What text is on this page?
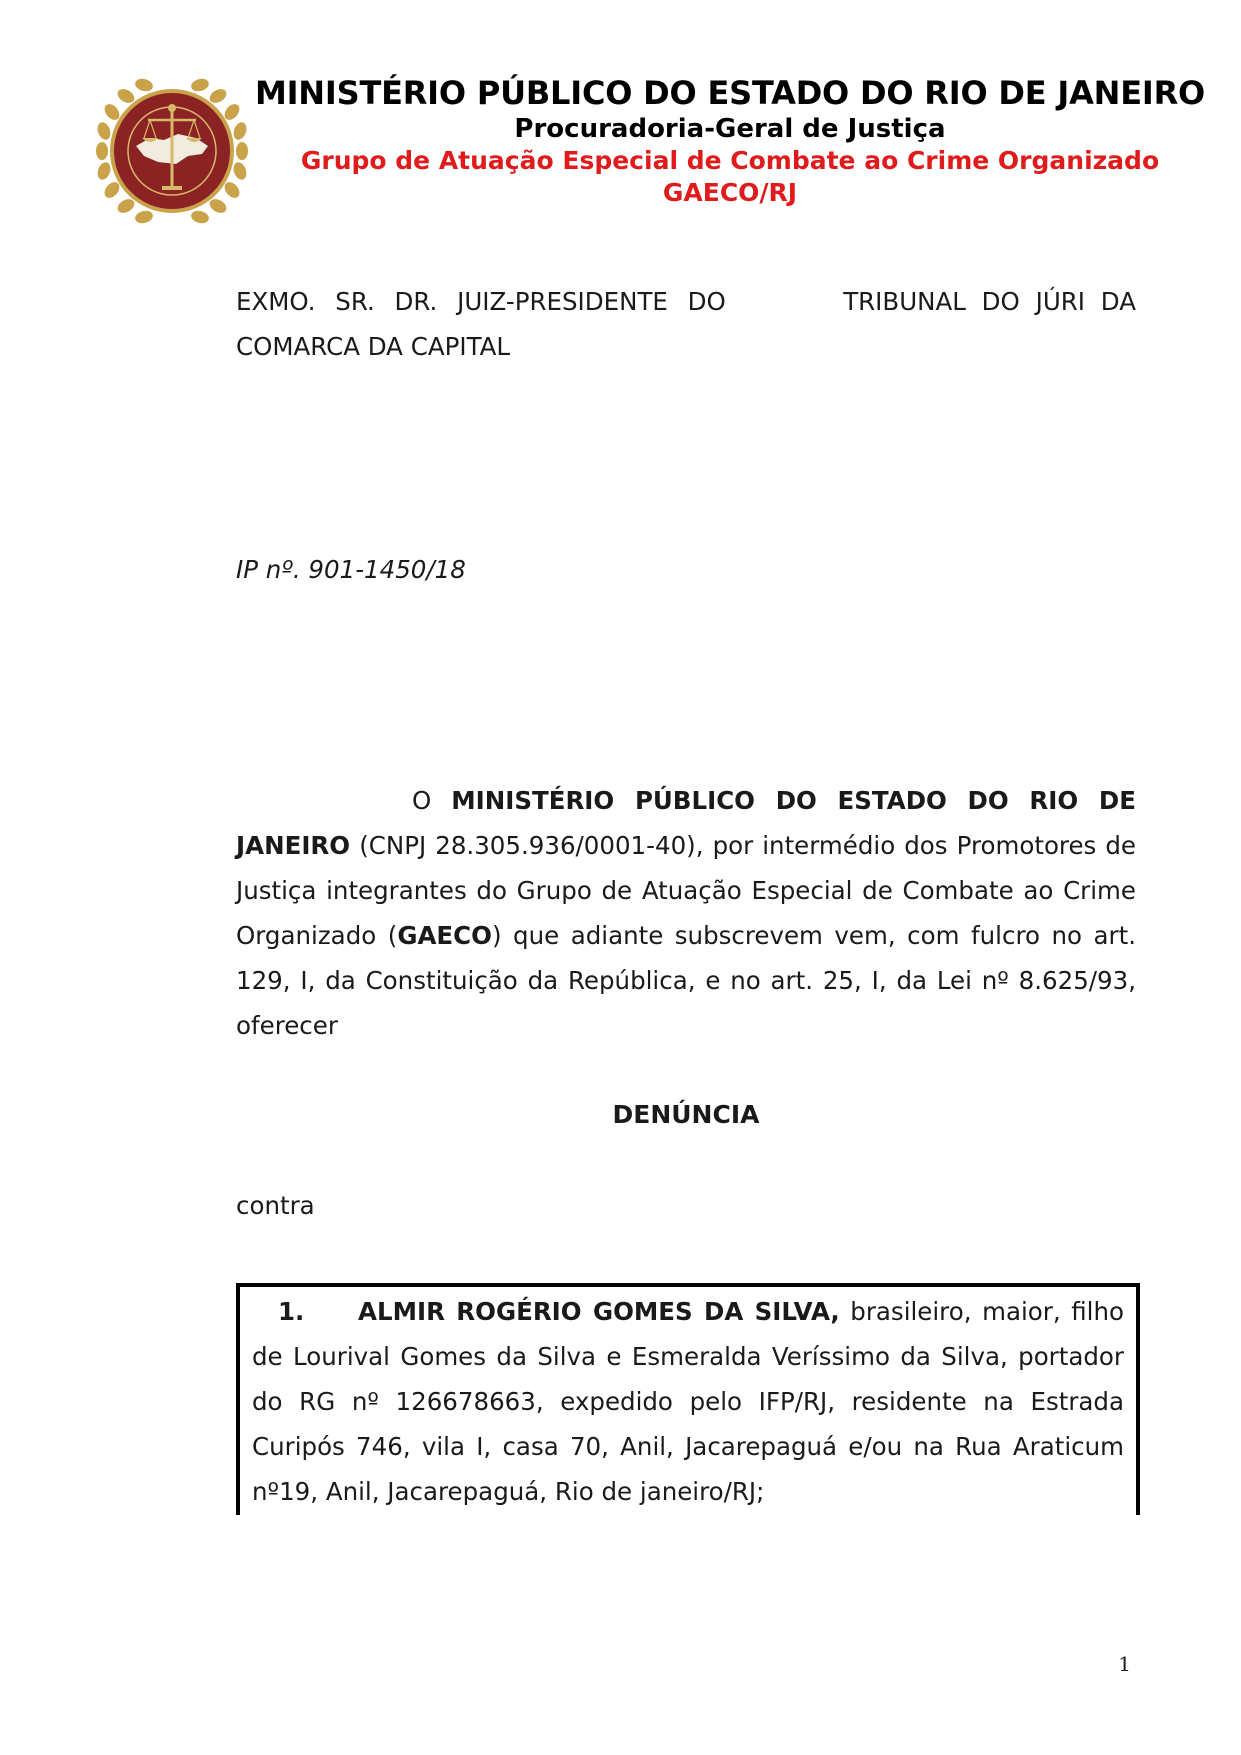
MINISTÉRIO PÚBLICO DO ESTADO DO RIO DE JANEIRO
Procuradoria-Geral de Justiça
Grupo de Atuação Especial de Combate ao Crime Organizado
GAECO/RJ
EXMO. SR. DR. JUIZ-PRESIDENTE DO	TRIBUNAL DO JÚRI DA
COMARCA DA CAPITAL
IP nº. 901-1450/18
O MINISTÉRIO PÚBLICO DO ESTADO DO RIO DE JANEIRO (CNPJ 28.305.936/0001-40), por intermédio dos Promotores de Justiça integrantes do Grupo de Atuação Especial de Combate ao Crime Organizado (GAECO) que adiante subscrevem vem, com fulcro no art. 129, I, da Constituição da República, e no art. 25, I, da Lei nº 8.625/93, oferecer
DENÚNCIA
contra
1. ALMIR ROGÉRIO GOMES DA SILVA, brasileiro, maior, filho de Lourival Gomes da Silva e Esmeralda Veríssimo da Silva, portador do RG nº 126678663, expedido pelo IFP/RJ, residente na Estrada Curipós 746, vila I, casa 70, Anil, Jacarepaguá e/ou na Rua Araticum nº19, Anil, Jacarepaguá, Rio de janeiro/RJ;
1
